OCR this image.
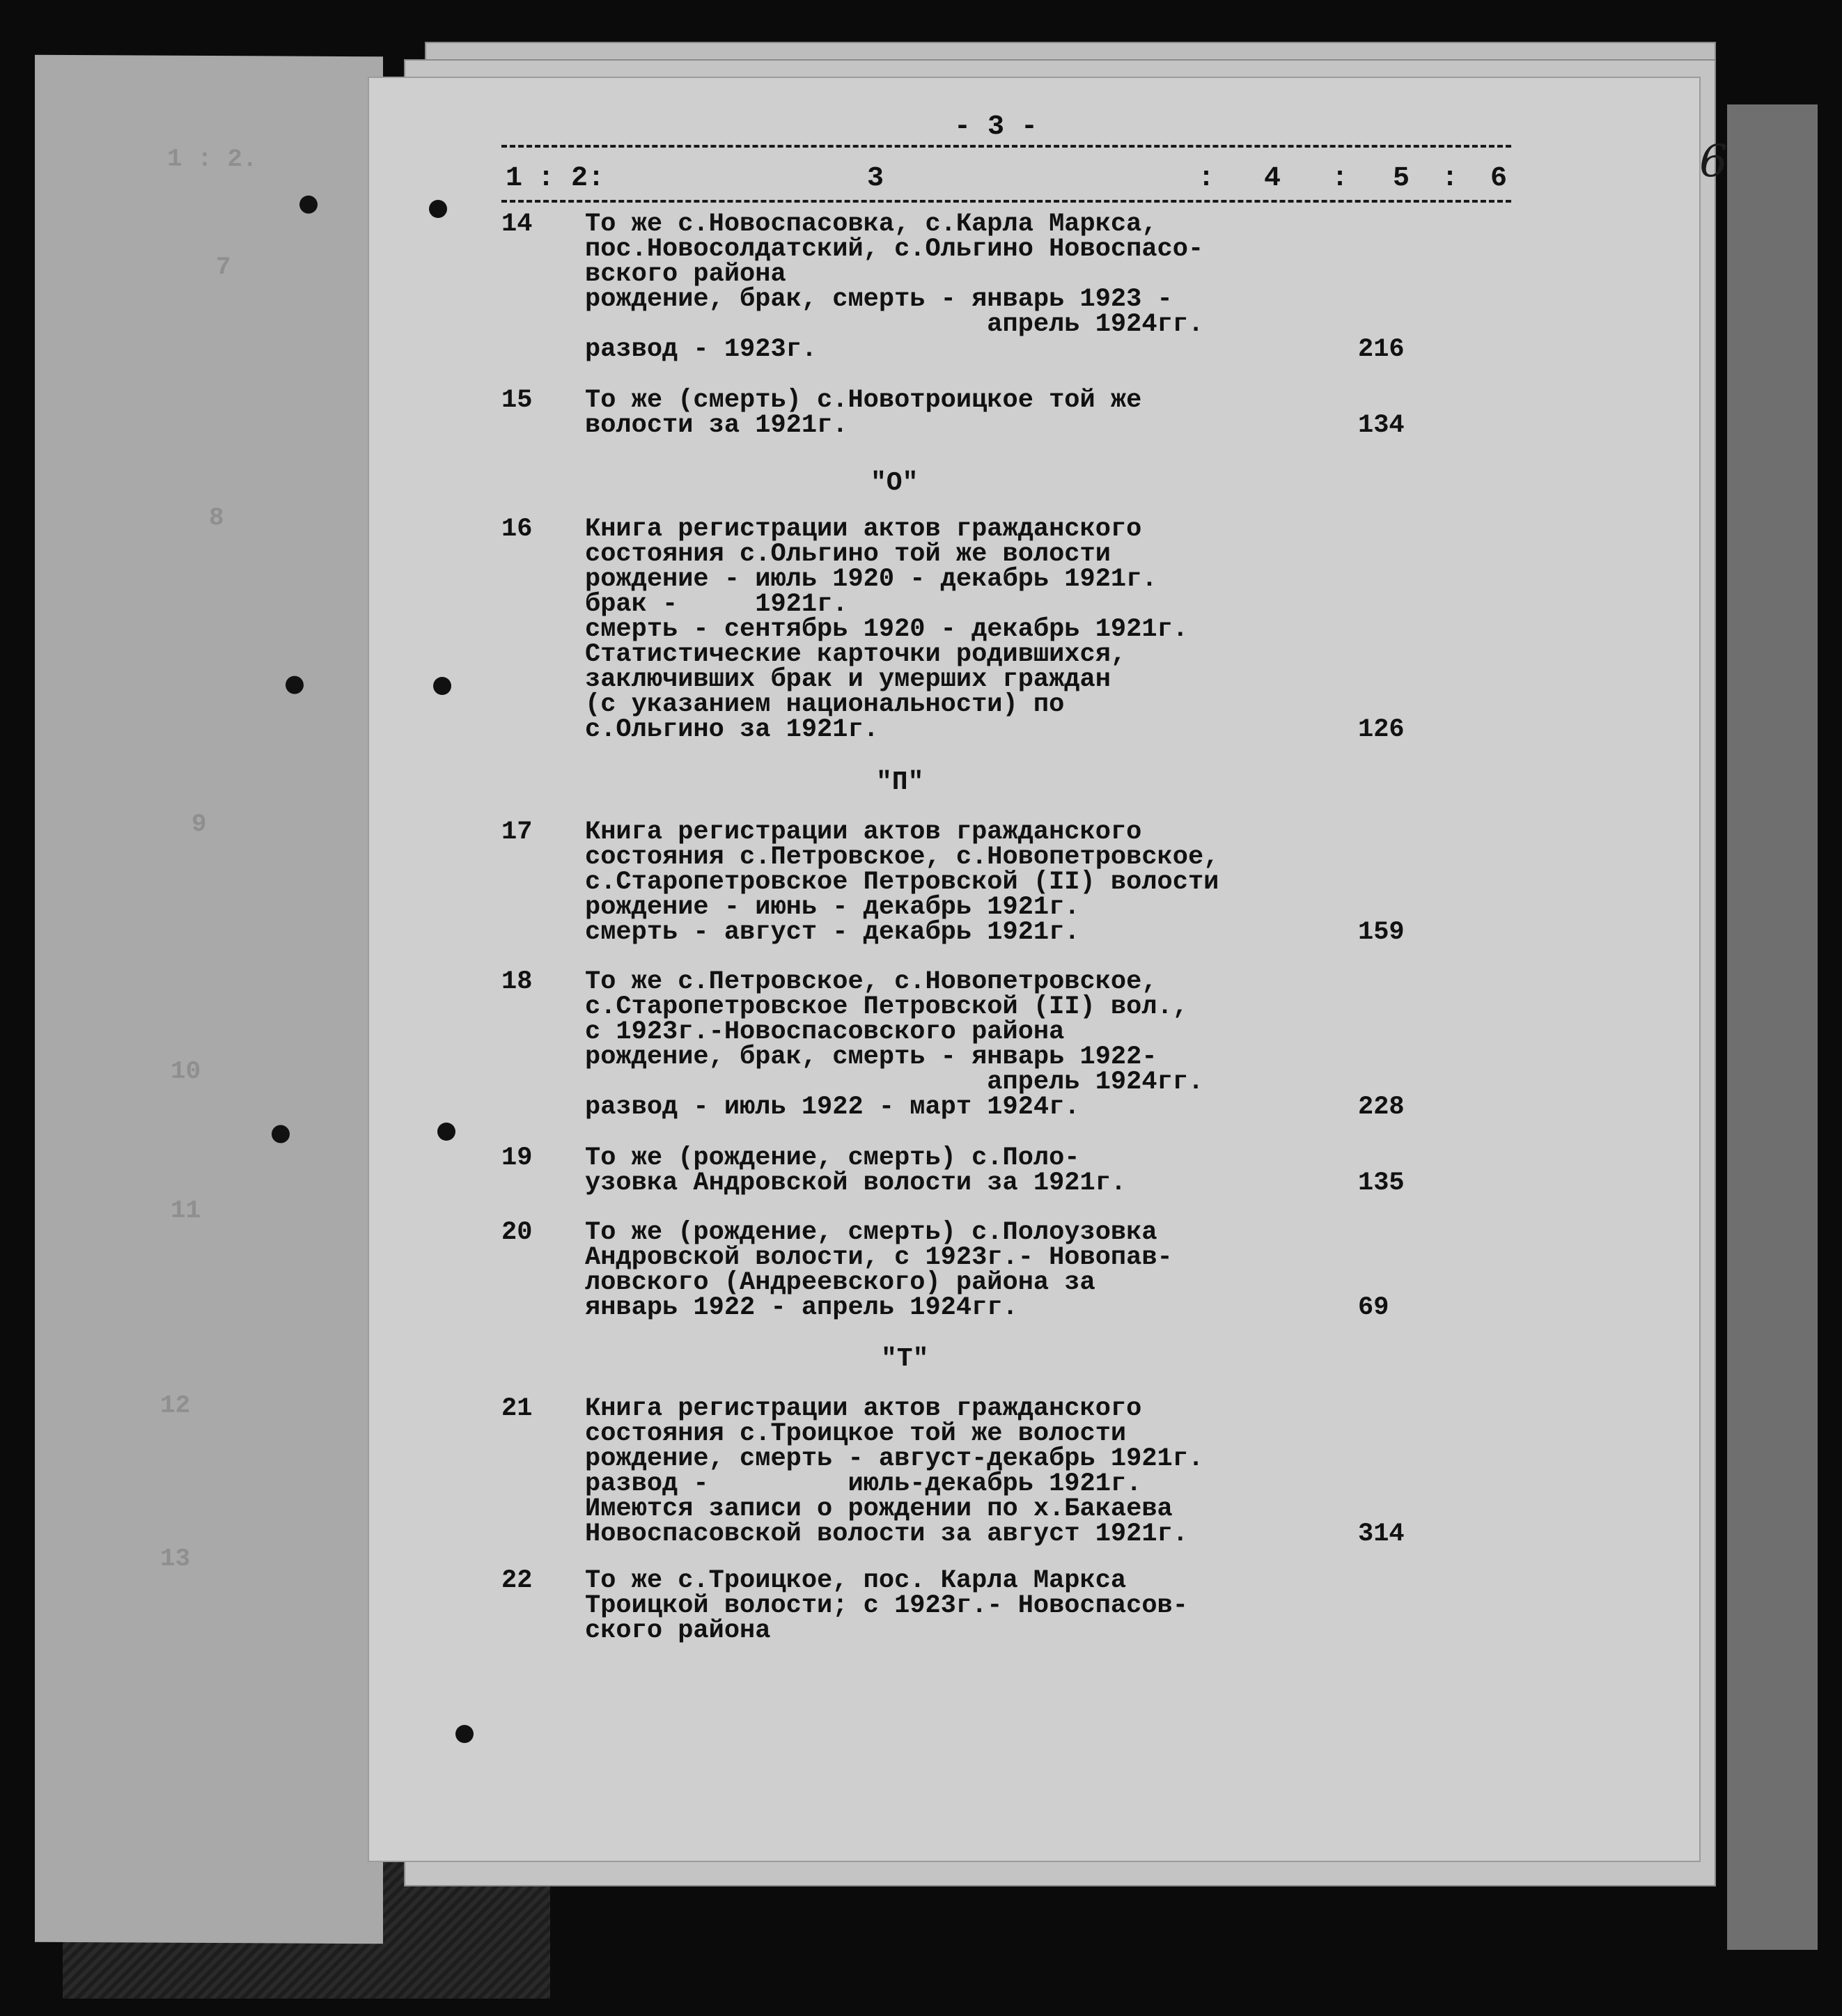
1 : 2.
7
8
9
10
11
12
13
6
- 3 -
1 : 2:	3	: 4 : 5 : 6
"О"
"П"
"Т"
14 То же с.Новоспасовка, с.Карла Маркса,
пос.Новосолдатский, с.Ольгино Новоспасо-
вского района
рождение, брак, смерть - январь 1923 -
апрель 1924гг.
развод - 1923г.	216
15 То же (смерть) с.Новотроицкое той же
волости за 1921г.	134
16 Книга регистрации актов гражданского
состояния с.Ольгино той же волости
рождение - июль 1920 - декабрь 1921г.
брак -     1921г.
смерть - сентябрь 1920 - декабрь 1921г.
Статистические карточки родившихся,
заключивших брак и умерших граждан
(с указанием национальности) по
с.Ольгино за 1921г.	126
17 Книга регистрации актов гражданского
состояния с.Петровское, с.Новопетровское,
с.Старопетровское Петровской (II) волости
рождение - июнь - декабрь 1921г.
смерть - август - декабрь 1921г.	159
18 То же с.Петровское, с.Новопетровское,
с.Старопетровское Петровской (II) вол.,
с 1923г.-Новоспасовского района
рождение, брак, смерть - январь 1922-
апрель 1924гг.
развод - июль 1922 - март 1924г.	228
19 То же (рождение, смерть) с.Поло-
узовка Андровской волости за 1921г.	135
20 То же (рождение, смерть) с.Полоузовка
Андровской волости, с 1923г.- Новопав-
ловского (Андреевского) района за
январь 1922 - апрель 1924гг.	69
21 Книга регистрации актов гражданского
состояния с.Троицкое той же волости
рождение, смерть - август-декабрь 1921г.
развод -         июль-декабрь 1921г.
Имеются записи о рождении по х.Бакаева
Новоспасовской волости за август 1921г.	314
22 То же с.Троицкое, пос. Карла Маркса
Троицкой волости; с 1923г.- Новоспасов-
ского района
